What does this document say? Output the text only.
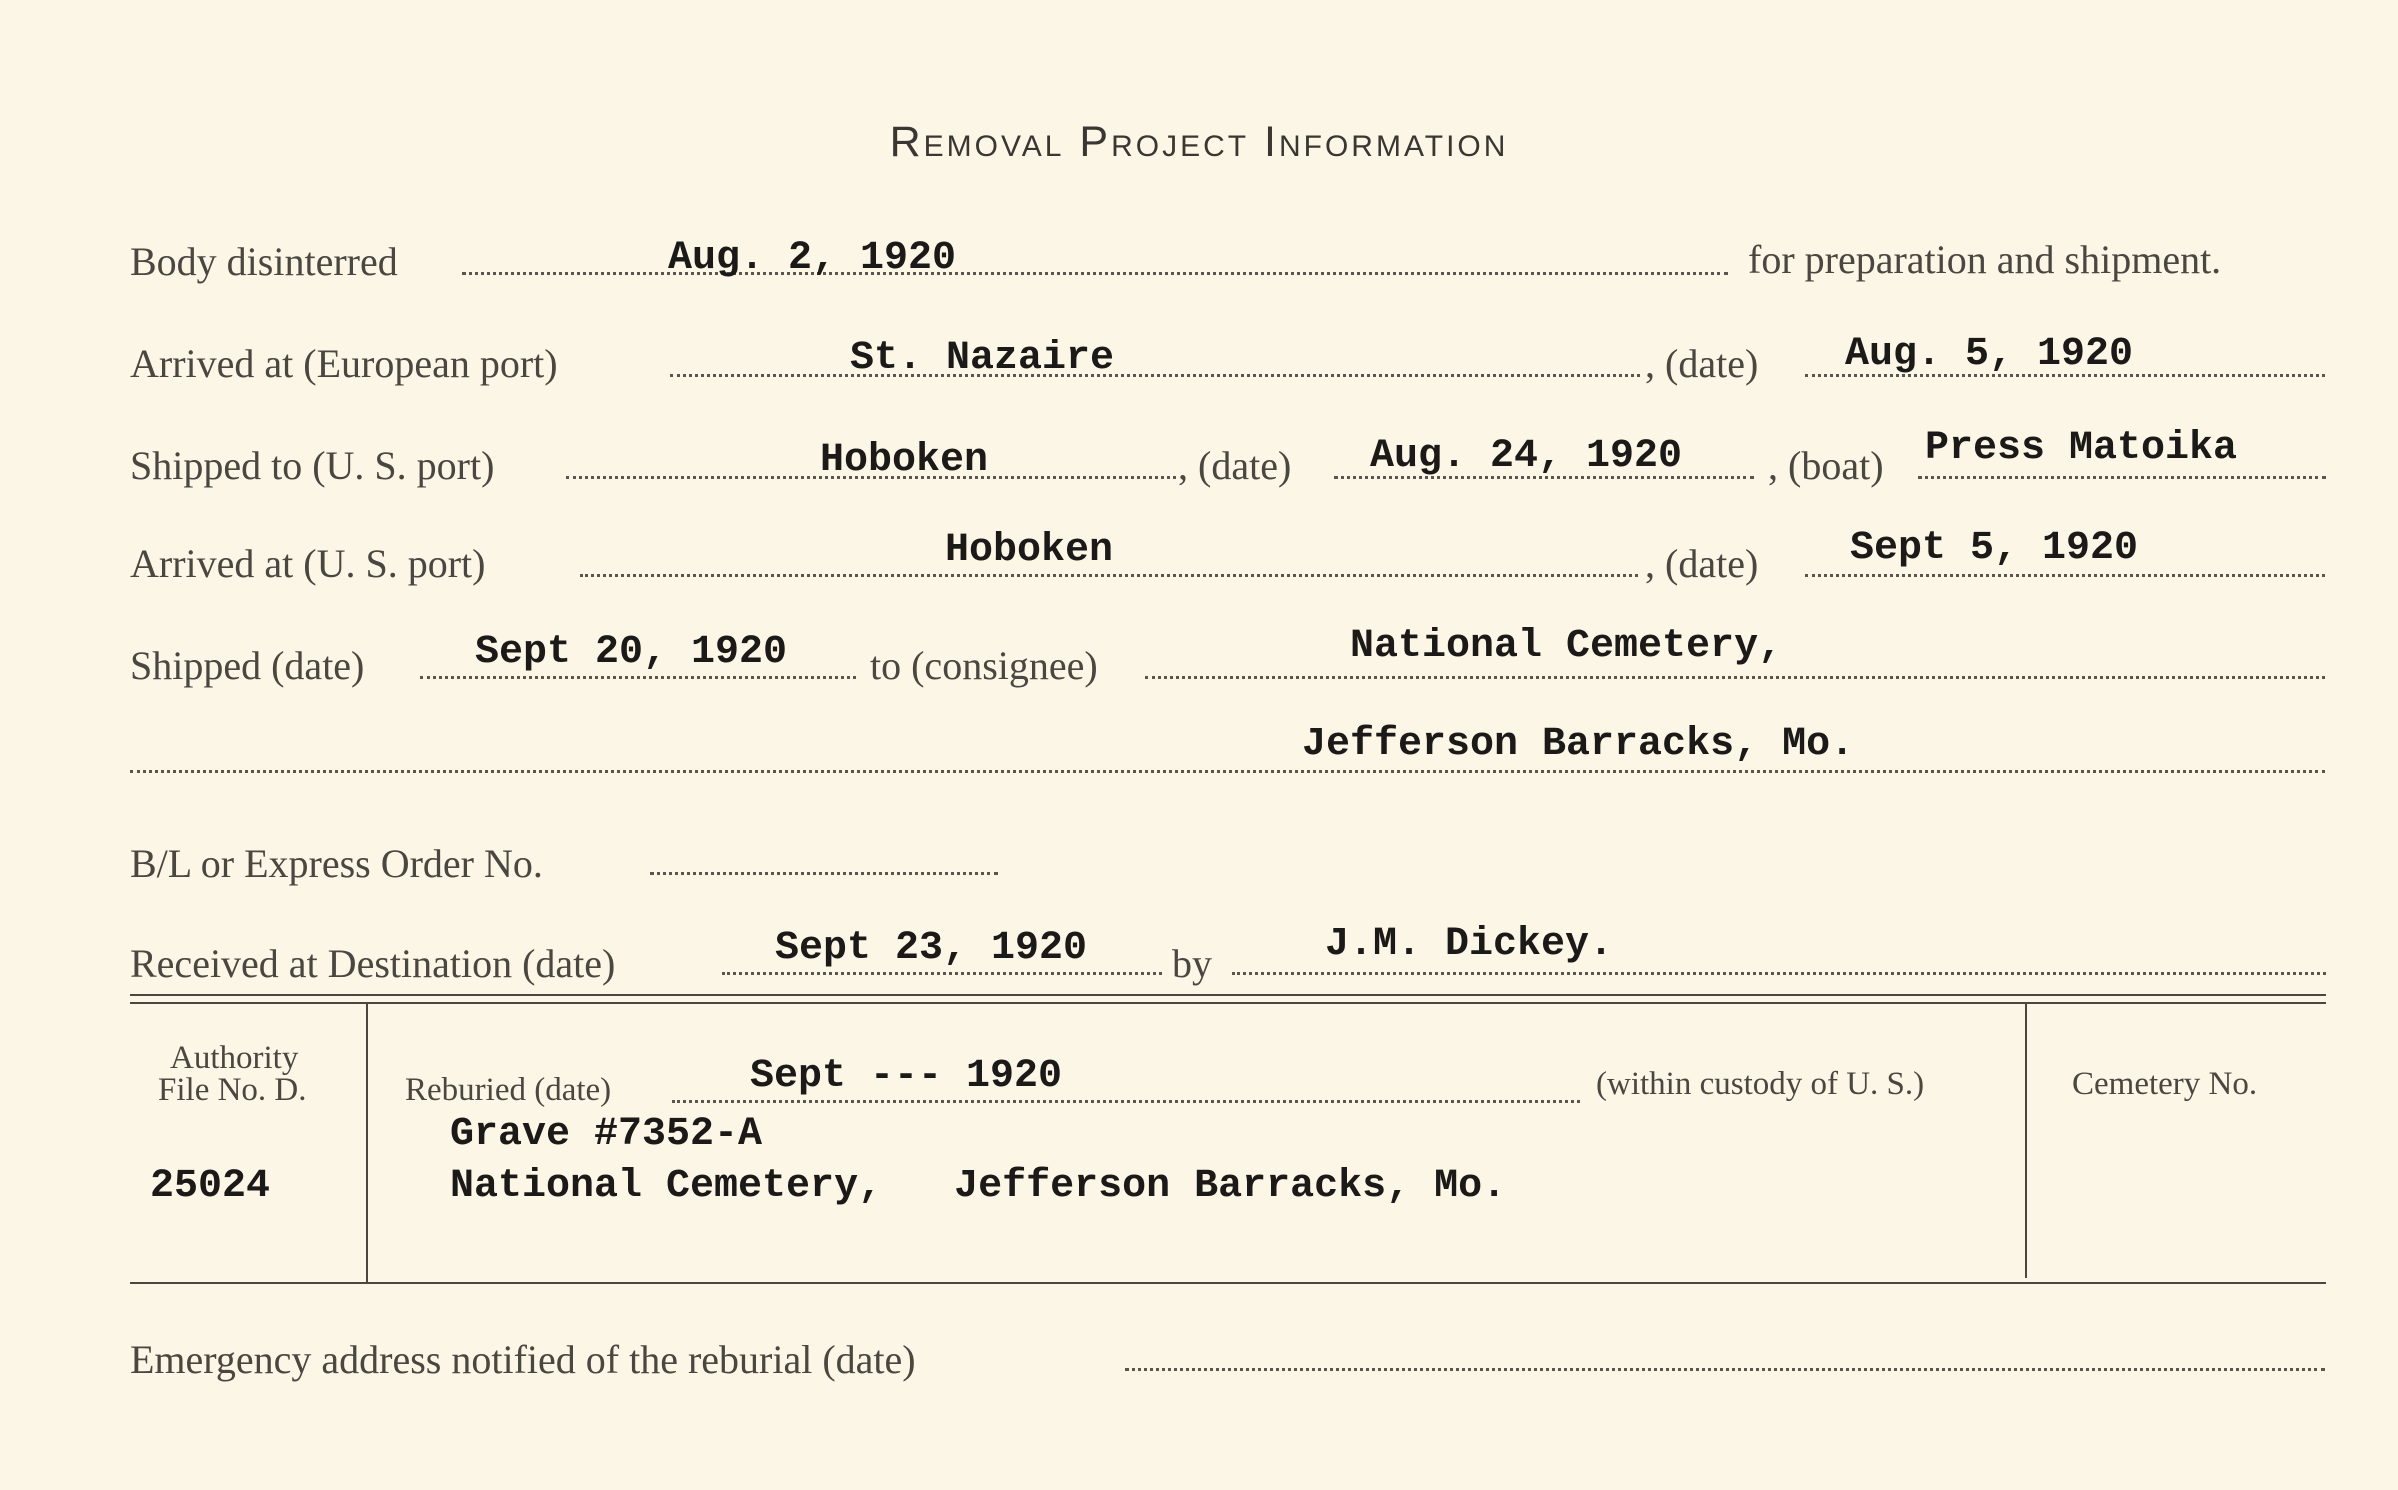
Removal Project Information
Body disinterred	Aug. 2, 1920	for preparation and shipment.
Arrived at (European port)	St. Nazaire	, (date) Aug. 5, 1920
Shipped to (U. S. port)	Hoboken	, (date) Aug. 24, 1920 , (boat) Press Matoika
Arrived at (U. S. port)	Hoboken	, (date) Sept 5, 1920
Shipped (date)	Sept 20, 1920 to (consignee)	National Cemetery,
Jefferson Barracks, Mo.
B/L or Express Order No.
Received at Destination (date)	Sept 23, 1920 by	J.M. Dickey.
Authority
File No. D.
25024
Reburied (date)	Sept --- 1920	(within custody of U. S.)
Grave #7352-A
National Cemetery,   Jefferson Barracks, Mo.
Cemetery No.
Emergency address notified of the reburial (date)
